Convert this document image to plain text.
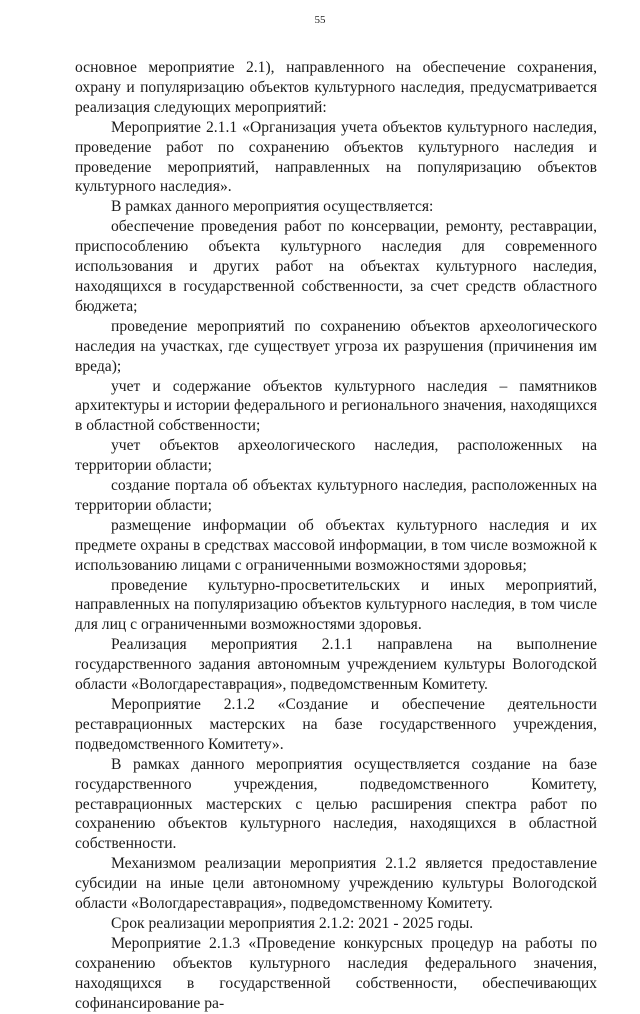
55

основное мероприятие 2.1), направленного на обеспечение сохранения, охрану и популяризацию объектов культурного наследия, предусматривается реализация следующих мероприятий:

Мероприятие 2.1.1 «Организация учета объектов культурного наследия, проведение работ по сохранению объектов культурного наследия и проведение мероприятий, направленных на популяризацию объектов культурного наследия».

В рамках данного мероприятия осуществляется:

обеспечение проведения работ по консервации, ремонту, реставрации, приспособлению объекта культурного наследия для современного использования и других работ на объектах культурного наследия, находящихся в государственной собственности, за счет средств областного бюджета;

проведение мероприятий по сохранению объектов археологического наследия на участках, где существует угроза их разрушения (причинения им вреда);

учет и содержание объектов культурного наследия – памятников архитектуры и истории федерального и регионального значения, находящихся в областной собственности;

учет объектов археологического наследия, расположенных на территории области;

создание портала об объектах культурного наследия, расположенных на территории области;

размещение информации об объектах культурного наследия и их предмете охраны в средствах массовой информации, в том числе возможной к использованию лицами с ограниченными возможностями здоровья;

проведение культурно-просветительских и иных мероприятий, направленных на популяризацию объектов культурного наследия, в том числе для лиц с ограниченными возможностями здоровья.

Реализация мероприятия 2.1.1 направлена на выполнение государственного задания автономным учреждением культуры Вологодской области «Вологдареставрация», подведомственным Комитету.

Мероприятие 2.1.2 «Создание и обеспечение деятельности реставрационных мастерских на базе государственного учреждения, подведомственного Комитету».

В рамках данного мероприятия осуществляется создание на базе государственного учреждения, подведомственного Комитету, реставрационных мастерских с целью расширения спектра работ по сохранению объектов культурного наследия, находящихся в областной собственности.

Механизмом реализации мероприятия 2.1.2 является предоставление субсидии на иные цели автономному учреждению культуры Вологодской области «Вологдареставрация», подведомственному Комитету.

Срок реализации мероприятия 2.1.2: 2021 - 2025 годы.

Мероприятие 2.1.3 «Проведение конкурсных процедур на работы по сохранению объектов культурного наследия федерального значения, находящихся в государственной собственности, обеспечивающих софинансирование ра-
